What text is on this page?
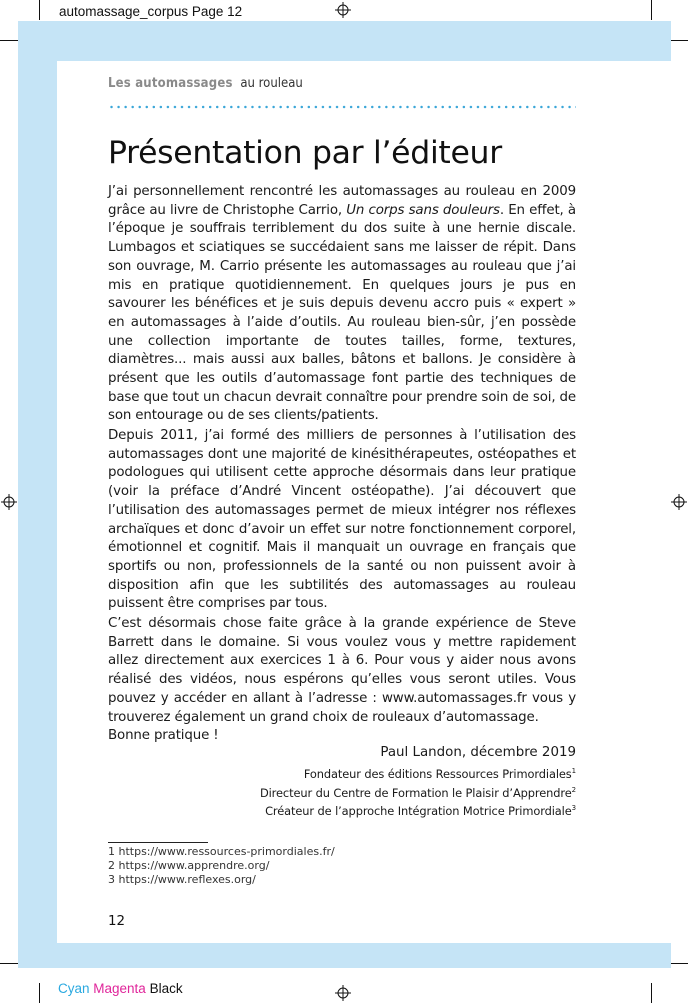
automassage_corpus Page 12
Cyan Magenta Black
Les automassages au rouleau
Présentation par l’éditeur

J’ai personnellement rencontré les automassages au rouleau en 2009 grâce au livre de Christophe Carrio, Un corps sans douleurs. En effet, à l’époque je souffrais terriblement du dos suite à une hernie discale. Lumbagos et sciatiques se succédaient sans me laisser de répit. Dans son ouvrage, M. Carrio présente les automassages au rouleau que j’ai mis en pratique quotidiennement. En quelques jours je pus en savourer les bénéfices et je suis depuis devenu accro puis « expert » en automassages à l’aide d’outils. Au rouleau bien-sûr, j’en possède une collection importante de toutes tailles, forme, textures, diamètres... mais aussi aux balles, bâtons et ballons. Je considère à présent que les outils d’automassage font partie des techniques de base que tout un chacun devrait connaître pour prendre soin de soi, de son entourage ou de ses clients/patients.

Depuis 2011, j’ai formé des milliers de personnes à l’utilisation des automassages dont une majorité de kinésithérapeutes, ostéopathes et podologues qui utilisent cette approche désormais dans leur pratique (voir la préface d’André Vincent ostéopathe). J’ai découvert que l’utilisation des automassages permet de mieux intégrer nos réflexes archaïques et donc d’avoir un effet sur notre fonctionnement corporel, émotionnel et cognitif. Mais il manquait un ouvrage en français que sportifs ou non, professionnels de la santé ou non puissent avoir à disposition afin que les subtilités des automassages au rouleau puissent être comprises par tous.

C’est désormais chose faite grâce à la grande expérience de Steve Barrett dans le domaine. Si vous voulez vous y mettre rapidement allez directement aux exercices 1 à 6. Pour vous y aider nous avons réalisé des vidéos, nous espérons qu’elles vous seront utiles. Vous pouvez y accéder en allant à l’adresse : www.automassages.fr vous y trouverez également un grand choix de rouleaux d’automassage.

Bonne pratique !

Paul Landon, décembre 2019
Fondateur des éditions Ressources Primordiales$^1$
Directeur du Centre de Formation le Plaisir d’Apprendre$^2$
Créateur de l’approche Intégration Motrice Primordiale$^3$
1 https://www.ressources-primordiales.fr/
2 https://www.apprendre.org/
3 https://www.reflexes.org/
12
